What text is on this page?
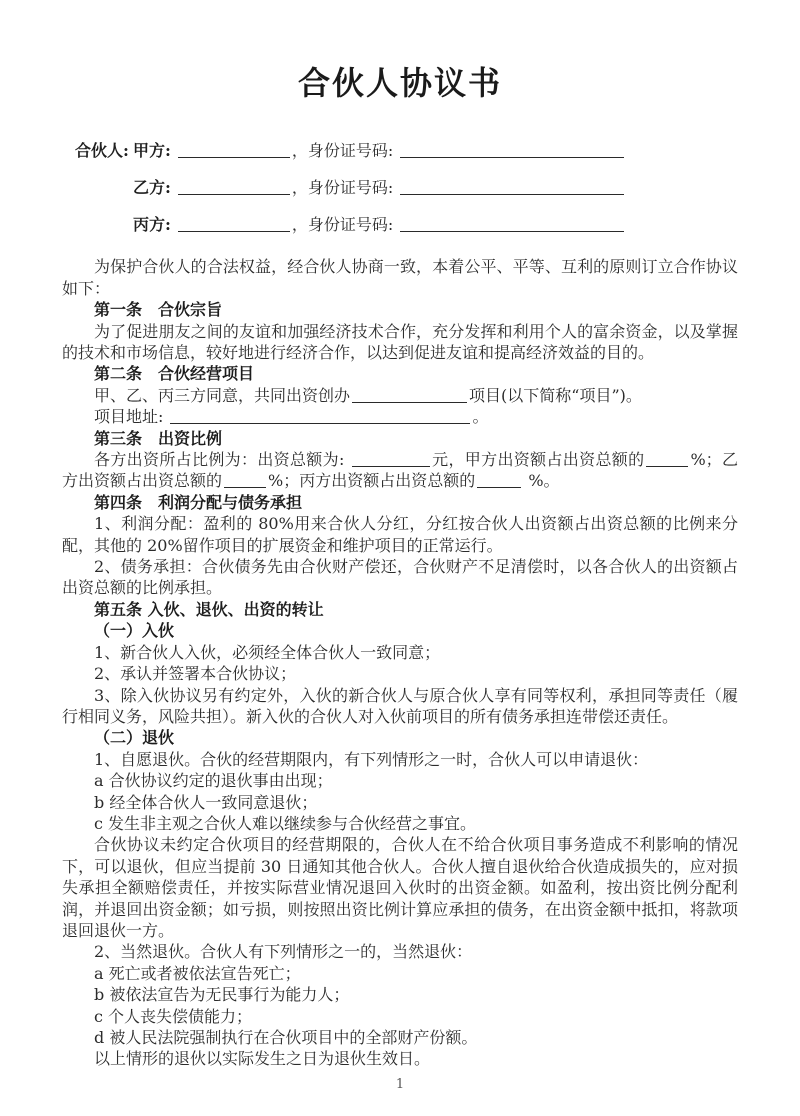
合伙人协议书
合伙人: 甲方:	，身份证号码:
乙方:	，身份证号码:
丙方:	，身份证号码:

为保护合伙人的合法权益，经合伙人协商一致，本着公平、平等、互利的原则订立合作协议如下：

第一条　合伙宗旨

为了促进朋友之间的友谊和加强经济技术合作，充分发挥和利用个人的富余资金，以及掌握的技术和市场信息，较好地进行经济合作，以达到促进友谊和提高经济效益的目的。

第二条　合伙经营项目

甲、乙、丙三方同意，共同出资创办	项目(以下简称“项目”)。

项目地址:	。

第三条　出资比例

各方出资所占比例为：出资总额为:	元，甲方出资额占出资总额的	%；乙方出资额占出资总额的	%；丙方出资额占出资总额的	%。

第四条　利润分配与债务承担

1、利润分配：盈利的 80%用来合伙人分红，分红按合伙人出资额占出资总额的比例来分配，其他的 20%留作项目的扩展资金和维护项目的正常运行。

2、债务承担：合伙债务先由合伙财产偿还，合伙财产不足清偿时，以各合伙人的出资额占出资总额的比例承担。

第五条 入伙、退伙、出资的转让

（一）入伙

1、新合伙人入伙，必须经全体合伙人一致同意；

2、承认并签署本合伙协议；

3、除入伙协议另有约定外，入伙的新合伙人与原合伙人享有同等权利，承担同等责任（履行相同义务，风险共担）。新入伙的合伙人对入伙前项目的所有债务承担连带偿还责任。

（二）退伙

1、自愿退伙。合伙的经营期限内，有下列情形之一时，合伙人可以申请退伙：

a 合伙协议约定的退伙事由出现；

b 经全体合伙人一致同意退伙；

c 发生非主观之合伙人难以继续参与合伙经营之事宜。

合伙协议未约定合伙项目的经营期限的，合伙人在不给合伙项目事务造成不利影响的情况下，可以退伙，但应当提前 30 日通知其他合伙人。合伙人擅自退伙给合伙造成损失的，应对损失承担全额赔偿责任，并按实际营业情况退回入伙时的出资金额。如盈利，按出资比例分配利润，并退回出资金额；如亏损，则按照出资比例计算应承担的债务，在出资金额中抵扣，将款项退回退伙一方。

2、当然退伙。合伙人有下列情形之一的，当然退伙：

a 死亡或者被依法宣告死亡；

b 被依法宣告为无民事行为能力人；

c 个人丧失偿债能力；

d 被人民法院强制执行在合伙项目中的全部财产份额。

以上情形的退伙以实际发生之日为退伙生效日。

1
